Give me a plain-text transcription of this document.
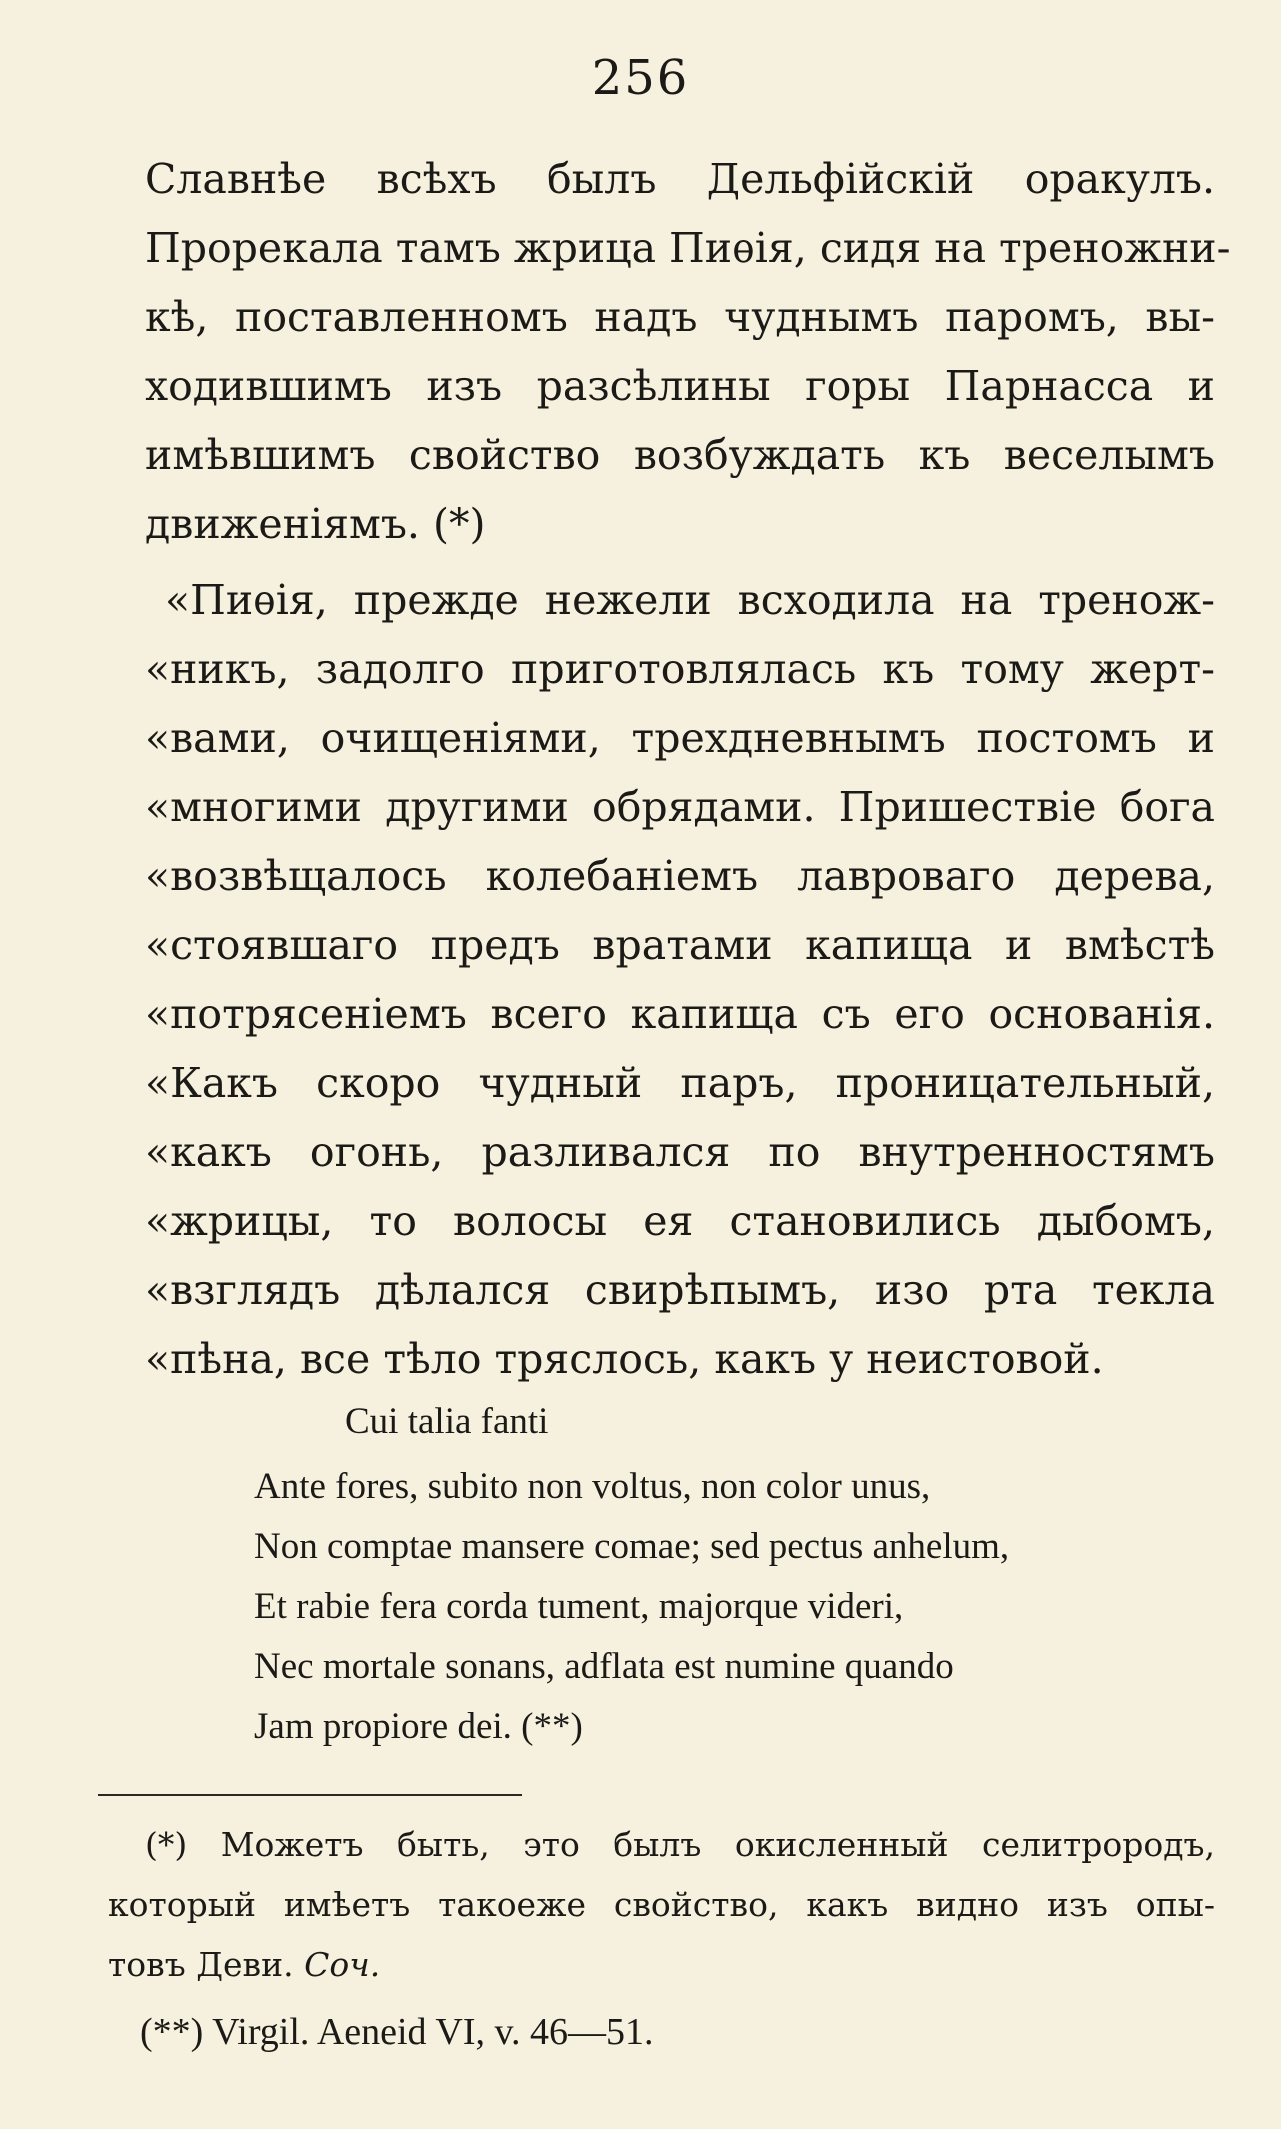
256
Славнѣе всѣхъ былъ Дельфійскій оракулъ.
Прорекала тамъ жрица Пиѳія, сидя на треножни-
кѣ, поставленномъ надъ чуднымъ паромъ, вы-
ходившимъ изъ разсѣлины горы Парнасса и
имѣвшимъ свойство возбуждать къ веселымъ
движеніямъ. (*)
«Пиѳія, прежде нежели всходила на тренож-
«никъ, задолго приготовлялась къ тому жерт-
«вами, очищеніями, трехдневнымъ постомъ и
«многими другими обрядами. Пришествіе бога
«возвѣщалось колебаніемъ лавроваго дерева,
«стоявшаго предъ вратами капища и вмѣстѣ
«потрясеніемъ всего капища съ его основанія.
«Какъ скоро чудный паръ, проницательный,
«какъ огонь, разливался по внутренностямъ
«жрицы, то волосы ея становились дыбомъ,
«взглядъ дѣлался свирѣпымъ, изо рта текла
«пѣна, все тѣло тряслось, какъ у неистовой.
Cui talia fanti
Ante fores, subito non voltus, non color unus,
Non comptae mansere comae; sed pectus anhelum,
Et rabie fera corda tument, majorque videri,
Nec mortale sonans, adflata est numine quando
Jam propiore dei. (**)
(*) Можетъ быть, это былъ окисленный селитрородъ,
который имѣетъ такоеже свойство, какъ видно изъ опы-
товъ Деви. Соч.
(**) Virgil. Aeneid VI, v. 46—51.
